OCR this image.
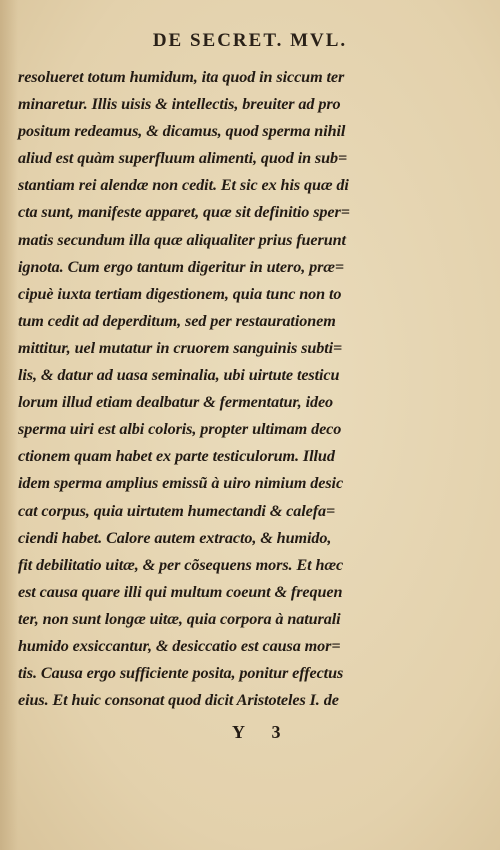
DE SECRET. MVL.
resolueret totum humidum, ita quod in siccum ter
minaretur. Illis uisis & intellectis, breuiter ad pro
positum redeamus, & dicamus, quod sperma nihil
aliud est quàm superfluum alimenti, quod in sub=
stantiam rei alendæ non cedit. Et sic ex his quæ di
cta sunt, manifeste apparet, quæ sit definitio sper=
matis secundum illa quæ aliqualiter prius fuerunt
ignota. Cum ergo tantum digeritur in utero, præ=
cipuè iuxta tertiam digestionem, quia tunc non to
tum cedit ad deperditum, sed per restaurationem
mittitur, uel mutatur in cruorem sanguinis subti=
lis, & datur ad uasa seminalia, ubi uirtute testicu
lorum illud etiam dealbatur & fermentatur, ideo
sperma uiri est albi coloris, propter ultimam deco
ctionem quam habet ex parte testiculorum. Illud
idem sperma amplius emissũ à uiro nimium desic
cat corpus, quia uirtutem humectandi & calefa=
ciendi habet. Calore autem extracto, & humido,
fit debilitatio uitæ, & per cõsequens mors. Et hæc
est causa quare illi qui multum coeunt & frequen
ter, non sunt longæ uitæ, quia corpora à naturali
humido exsiccantur, & desiccatio est causa mor=
tis. Causa ergo sufficiente posita, ponitur effectus
eius. Et huic consonat quod dicit Aristoteles I. de
Y 3
